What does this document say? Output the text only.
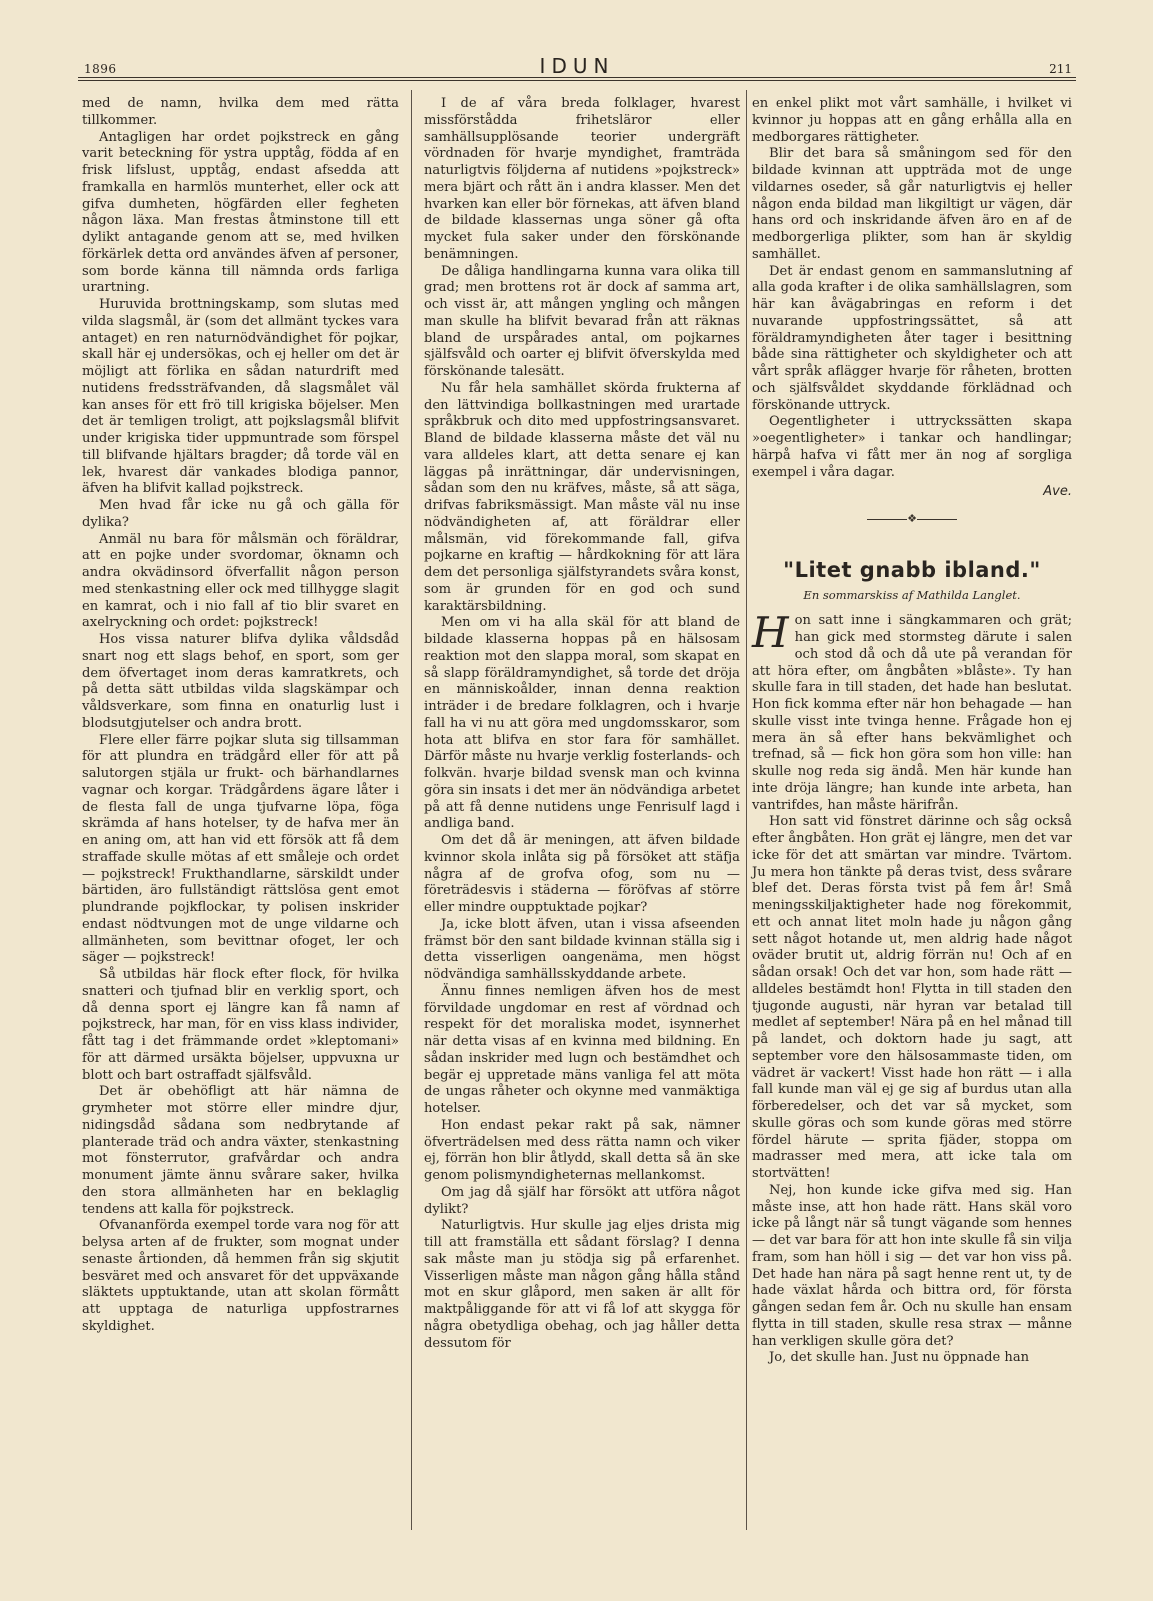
1896	IDUN	211

med de namn, hvilka dem med rätta tillkommer.

Antagligen har ordet pojkstreck en gång varit beteckning för ystra upptåg, födda af en frisk lifslust, upptåg, endast afsedda att framkalla en harmlös munterhet, eller ock att gifva dumheten, högfärden eller fegheten någon läxa. Man frestas åtminstone till ett dylikt antagande genom att se, med hvilken förkärlek detta ord användes äfven af personer, som borde känna till nämnda ords farliga urartning.

Huruvida brottningskamp, som slutas med vilda slagsmål, är (som det allmänt tyckes vara antaget) en ren naturnödvändighet för pojkar, skall här ej undersökas, och ej heller om det är möjligt att förlika en sådan naturdrift med nutidens fredssträfvanden, då slagsmålet väl kan anses för ett frö till krigiska böjelser. Men det är temligen troligt, att pojkslagsmål blifvit under krigiska tider uppmuntrade som förspel till blifvande hjältars bragder; då torde väl en lek, hvarest där vankades blodiga pannor, äfven ha blifvit kallad pojkstreck.

Men hvad får icke nu gå och gälla för dylika?

Anmäl nu bara för målsmän och föräldrar, att en pojke under svordomar, öknamn och andra okvädinsord öfverfallit någon person med stenkastning eller ock med tillhygge slagit en kamrat, och i nio fall af tio blir svaret en axelryckning och ordet: pojkstreck!

Hos vissa naturer blifva dylika våldsdåd snart nog ett slags behof, en sport, som ger dem öfvertaget inom deras kamratkrets, och på detta sätt utbildas vilda slagskämpar och våldsverkare, som finna en onaturlig lust i blodsutgjutelser och andra brott.

Flere eller färre pojkar sluta sig tillsamman för att plundra en trädgård eller för att på salutorgen stjäla ur frukt- och bärhandlarnes vagnar och korgar. Trädgårdens ägare låter i de flesta fall de unga tjufvarne löpa, föga skrämda af hans hotelser, ty de hafva mer än en aning om, att han vid ett försök att få dem straffade skulle mötas af ett småleje och ordet — pojkstreck! Frukthandlarne, särskildt under bärtiden, äro fullständigt rättslösa gent emot plundrande pojkflockar, ty polisen inskrider endast nödtvungen mot de unge vildarne och allmänheten, som bevittnar ofoget, ler och säger — pojkstreck!

Så utbildas här flock efter flock, för hvilka snatteri och tjufnad blir en verklig sport, och då denna sport ej längre kan få namn af pojkstreck, har man, för en viss klass individer, fått tag i det främmande ordet »kleptomani» för att därmed ursäkta böjelser, uppvuxna ur blott och bart ostraffadt själfsvåld.

Det är obehöfligt att här nämna de grymheter mot större eller mindre djur, nidingsdåd sådana som nedbrytande af planterade träd och andra växter, stenkastning mot fönsterrutor, grafvårdar och andra monument jämte ännu svårare saker, hvilka den stora allmänheten har en beklaglig tendens att kalla för pojkstreck.

Ofvananförda exempel torde vara nog för att belysa arten af de frukter, som mognat under senaste årtionden, då hemmen från sig skjutit besväret med och ansvaret för det uppväxande släktets upptuktande, utan att skolan förmått att upptaga de naturliga uppfostrarnes skyldighet.

I de af våra breda folklager, hvarest missförstådda frihetsläror eller samhällsupplösande teorier undergräft vördnaden för hvarje myndighet, framträda naturligtvis följderna af nutidens »pojkstreck» mera bjärt och rått än i andra klasser. Men det hvarken kan eller bör förnekas, att äfven bland de bildade klassernas unga söner gå ofta mycket fula saker under den förskönande benämningen.

De dåliga handlingarna kunna vara olika till grad; men brottens rot är dock af samma art, och visst är, att mången yngling och mången man skulle ha blifvit bevarad från att räknas bland de urspårades antal, om pojkarnes själfsvåld och oarter ej blifvit öfverskylda med förskönande talesätt.

Nu får hela samhället skörda frukterna af den lättvindiga bollkastningen med urartade språkbruk och dito med uppfostringsansvaret. Bland de bildade klasserna måste det väl nu vara alldeles klart, att detta senare ej kan läggas på inrättningar, där undervisningen, sådan som den nu kräfves, måste, så att säga, drifvas fabriksmässigt. Man måste väl nu inse nödvändigheten af, att föräldrar eller målsmän, vid förekommande fall, gifva pojkarne en kraftig — hårdkokning för att lära dem det personliga själfstyrandets svåra konst, som är grunden för en god och sund karaktärsbildning.

Men om vi ha alla skäl för att bland de bildade klasserna hoppas på en hälsosam reaktion mot den slappa moral, som skapat en så slapp föräldramyndighet, så torde det dröja en människoålder, innan denna reaktion inträder i de bredare folklagren, och i hvarje fall ha vi nu att göra med ungdomsskaror, som hota att blifva en stor fara för samhället. Därför måste nu hvarje verklig fosterlands- och folkvän. hvarje bildad svensk man och kvinna göra sin insats i det mer än nödvändiga arbetet på att få denne nutidens unge Fenrisulf lagd i andliga band.

Om det då är meningen, att äfven bildade kvinnor skola inlåta sig på försöket att stäfja några af de grofva ofog, som nu — företrädesvis i städerna — föröfvas af större eller mindre oupptuktade pojkar?

Ja, icke blott äfven, utan i vissa afseenden främst bör den sant bildade kvinnan ställa sig i detta visserligen oangenäma, men högst nödvändiga samhällsskyddande arbete.

Ännu finnes nemligen äfven hos de mest förvildade ungdomar en rest af vördnad och respekt för det moraliska modet, isynnerhet när detta visas af en kvinna med bildning. En sådan inskrider med lugn och bestämdhet och begär ej uppretade mäns vanliga fel att möta de ungas råheter och okynne med vanmäktiga hotelser.

Hon endast pekar rakt på sak, nämner öfverträdelsen med dess rätta namn och viker ej, förrän hon blir åtlydd, skall detta så än ske genom polismyndigheternas mellankomst.

Om jag då själf har försökt att utföra något dylikt?

Naturligtvis. Hur skulle jag eljes drista mig till att framställa ett sådant förslag? I denna sak måste man ju stödja sig på erfarenhet. Visserligen måste man någon gång hålla stånd mot en skur glåpord, men saken är allt för maktpåliggande för att vi få lof att skygga för några obetydliga obehag, och jag håller detta dessutom för

en enkel plikt mot vårt samhälle, i hvilket vi kvinnor ju hoppas att en gång erhålla alla en medborgares rättigheter.

Blir det bara så småningom sed för den bildade kvinnan att uppträda mot de unge vildarnes oseder, så går naturligtvis ej heller någon enda bildad man likgiltigt ur vägen, där hans ord och inskridande äfven äro en af de medborgerliga plikter, som han är skyldig samhället.

Det är endast genom en sammanslutning af alla goda krafter i de olika samhällslagren, som här kan åvägabringas en reform i det nuvarande uppfostringssättet, så att föräldramyndigheten åter tager i besittning både sina rättigheter och skyldigheter och att vårt språk aflägger hvarje för råheten, brotten och själfsvåldet skyddande förklädnad och förskönande uttryck.

Oegentligheter i uttryckssätten skapa »oegentligheter» i tankar och handlingar; härpå hafva vi fått mer än nog af sorgliga exempel i våra dagar.

Ave.
❖
"Litet gnabb ibland."
En sommarskiss af Mathilda Langlet.

Hon satt inne i sängkammaren och grät; han gick med stormsteg därute i salen och stod då och då ute på verandan för att höra efter, om ångbåten »blåste». Ty han skulle fara in till staden, det hade han beslutat. Hon fick komma efter när hon behagade — han skulle visst inte tvinga henne. Frågade hon ej mera än så efter hans bekvämlighet och trefnad, så — fick hon göra som hon ville: han skulle nog reda sig ändå. Men här kunde han inte dröja längre; han kunde inte arbeta, han vantrifdes, han måste härifrån.

Hon satt vid fönstret därinne och såg också efter ångbåten. Hon grät ej längre, men det var icke för det att smärtan var mindre. Tvärtom. Ju mera hon tänkte på deras tvist, dess svårare blef det. Deras första tvist på fem år! Små meningsskiljaktigheter hade nog förekommit, ett och annat litet moln hade ju någon gång sett något hotande ut, men aldrig hade något oväder brutit ut, aldrig förrän nu! Och af en sådan orsak! Och det var hon, som hade rätt — alldeles bestämdt hon! Flytta in till staden den tjugonde augusti, när hyran var betalad till medlet af september! Nära på en hel månad till på landet, och doktorn hade ju sagt, att september vore den hälsosammaste tiden, om vädret är vackert! Visst hade hon rätt — i alla fall kunde man väl ej ge sig af burdus utan alla förberedelser, och det var så mycket, som skulle göras och som kunde göras med större fördel härute — sprita fjäder, stoppa om madrasser med mera, att icke tala om stortvätten!

Nej, hon kunde icke gifva med sig. Han måste inse, att hon hade rätt. Hans skäl voro icke på långt när så tungt vägande som hennes — det var bara för att hon inte skulle få sin vilja fram, som han höll i sig — det var hon viss på. Det hade han nära på sagt henne rent ut, ty de hade växlat hårda och bittra ord, för första gången sedan fem år. Och nu skulle han ensam flytta in till staden, skulle resa strax — månne han verkligen skulle göra det?

Jo, det skulle han. Just nu öppnade han
